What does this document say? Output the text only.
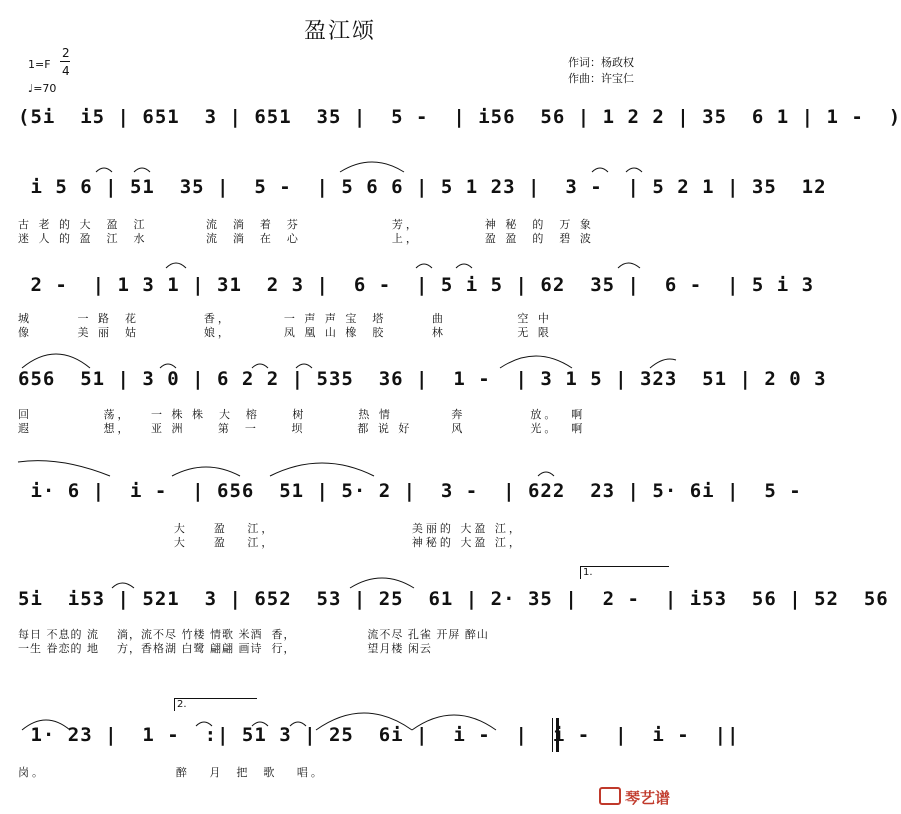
盈江颂
1=F
2
4
♩=70
作词：杨政权
作曲：许宝仁
(5i  i5 | 651  3 | 651  35 |  5 -  | i56  56 | 1 2 2 | 35  6 1 | 1 -  )
i 5 6 | 51  35 |  5 -  | 5 6 6 | 5 1 23 |  3 -  | 5 2 1 | 35  12
古 老 的 大  盈  江         流  淌  着  芬              芳，          神 秘  的  万 象
迷 人 的 盈  江  水         流  淌  在  心              上，          盈 盈  的  碧 波
2 -  | 1 3 1 | 31  2 3 |  6 -  | 5 i 5 | 62  35 |  6 -  | 5 i 3
城       一 路  花          香，        一 声 声 宝  塔       曲           空 中
像       美 丽  姑          娘，        凤 凰 山 橡  胶       林           无 限
656  51 | 3 0 | 6 2 2 | 535  36 |  1 -  | 3 1 5 | 323  51 | 2 0 3
回           荡，   一 株 株  大  榕     树        热 情         奔          放。  啊
遐           想，   亚 洲     第  一     坝        都 说 好      风          光。  啊
i· 6 |  i -  | 656  51 | 5· 2 |  3 -  | 622  23 | 5· 6i |  5 -
大    盈   江，                     美丽的 大盈 江，
大    盈   江，                     神秘的 大盈 江，
5i  i53 | 521  3 | 652  53 | 25  61 | 2· 35 |  2 -  | i53  56 | 52  56
每日 不息的 流    淌，流不尽 竹楼 情歌 米酒  香，                流不尽 孔雀 开屏 醉山
一生 眷恋的 地    方，香格湖 白鹭 翩翩 画诗  行，                望月楼 闲云
1.
1· 23 |  1 -  :| 51 3 | 25  6i |  i -  |  i -  |  i -  ||
岗。                    醉   月  把  歌   唱。
2.
琴艺谱
